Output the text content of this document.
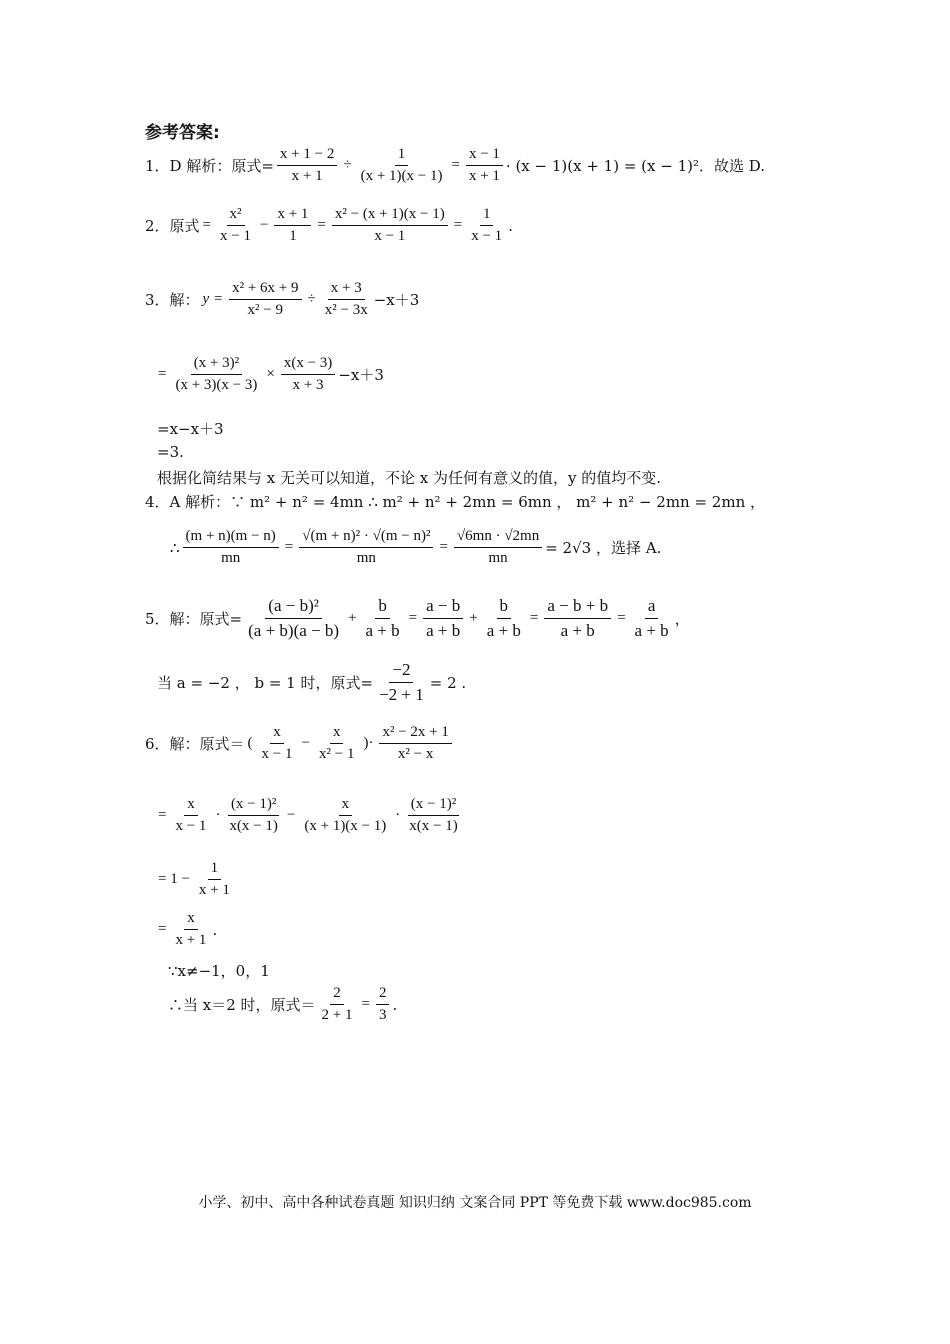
参考答案:
1．D 解析：原式= $\frac{x + 1 - 2}{x + 1} \div \frac{1}{(x + 1)(x - 1)} = \frac{x - 1}{x + 1} \cdot (x - 1)(x + 1) = (x - 1)^2$．故选 D.
2．原式 = $\frac{\text{x²}}{x - 1} - \frac{x + 1}{1} = \frac{\text{x² − (x + 1)(x − 1)}}{x - 1} = \frac{1}{x - 1}$ .
3．解： $y = \frac{\text{x² + 6x + 9}}{\text{x² − 9}} \div \frac{x + 3}{\text{x² − 3x}} -x+3$
= $\frac{\text{(x + 3)²}}{(x + 3)(x - 3)} \times \frac{x(x - 3)}{x + 3} -x+3$
=x−x＋3
=3.
根据化简结果与 x 无关可以知道，不论 x 为任何有意义的值，y 的值均不变.
4．A 解析：∵ m² + n² = 4mn ∴ m² + n² + 2mn = 6mn ， m² + n² − 2mn = 2mn ，
∴ $\frac{(m + n)(m - n)}{mn} = \frac{\text{√(m + n)² · √(m − n)²}}{mn} = \frac{√6mn \cdot √2mn}{mn} = 2√3$ ，选择 A.
5．解：原式= $\frac{\text{(a − b)²}}{(a + b)(a - b)} + \frac{b}{a + b} = \frac{a - b}{a + b} + \frac{b}{a + b} = \frac{a - b + b}{a + b} = \frac{a}{a + b}$ ，
当 a = −2 ， b = 1 时，原式= $\frac{-2}{-2 + 1} = 2$ .
6．解：原式＝ ( $\frac{x}{x - 1} - \frac{x}{\text{x² − 1}}$ )· $\frac{\text{x² − 2x + 1}}{\text{x² − x}}$
= $\frac{x}{x - 1} \cdot \frac{\text{(x − 1)²}}{x(x - 1)} - \frac{x}{(x + 1)(x - 1)} \cdot \frac{\text{(x − 1)²}}{x(x - 1)}$
= $1 - \frac{1}{x + 1}$
= $\frac{x}{x + 1}$ .
∵x≠−1，0，1
∴当 x＝2 时，原式＝ $\frac{2}{2 + 1} = \frac{2}{3}$ .
小学、初中、高中各种试卷真题 知识归纳 文案合同 PPT 等免费下载 www.doc985.com
